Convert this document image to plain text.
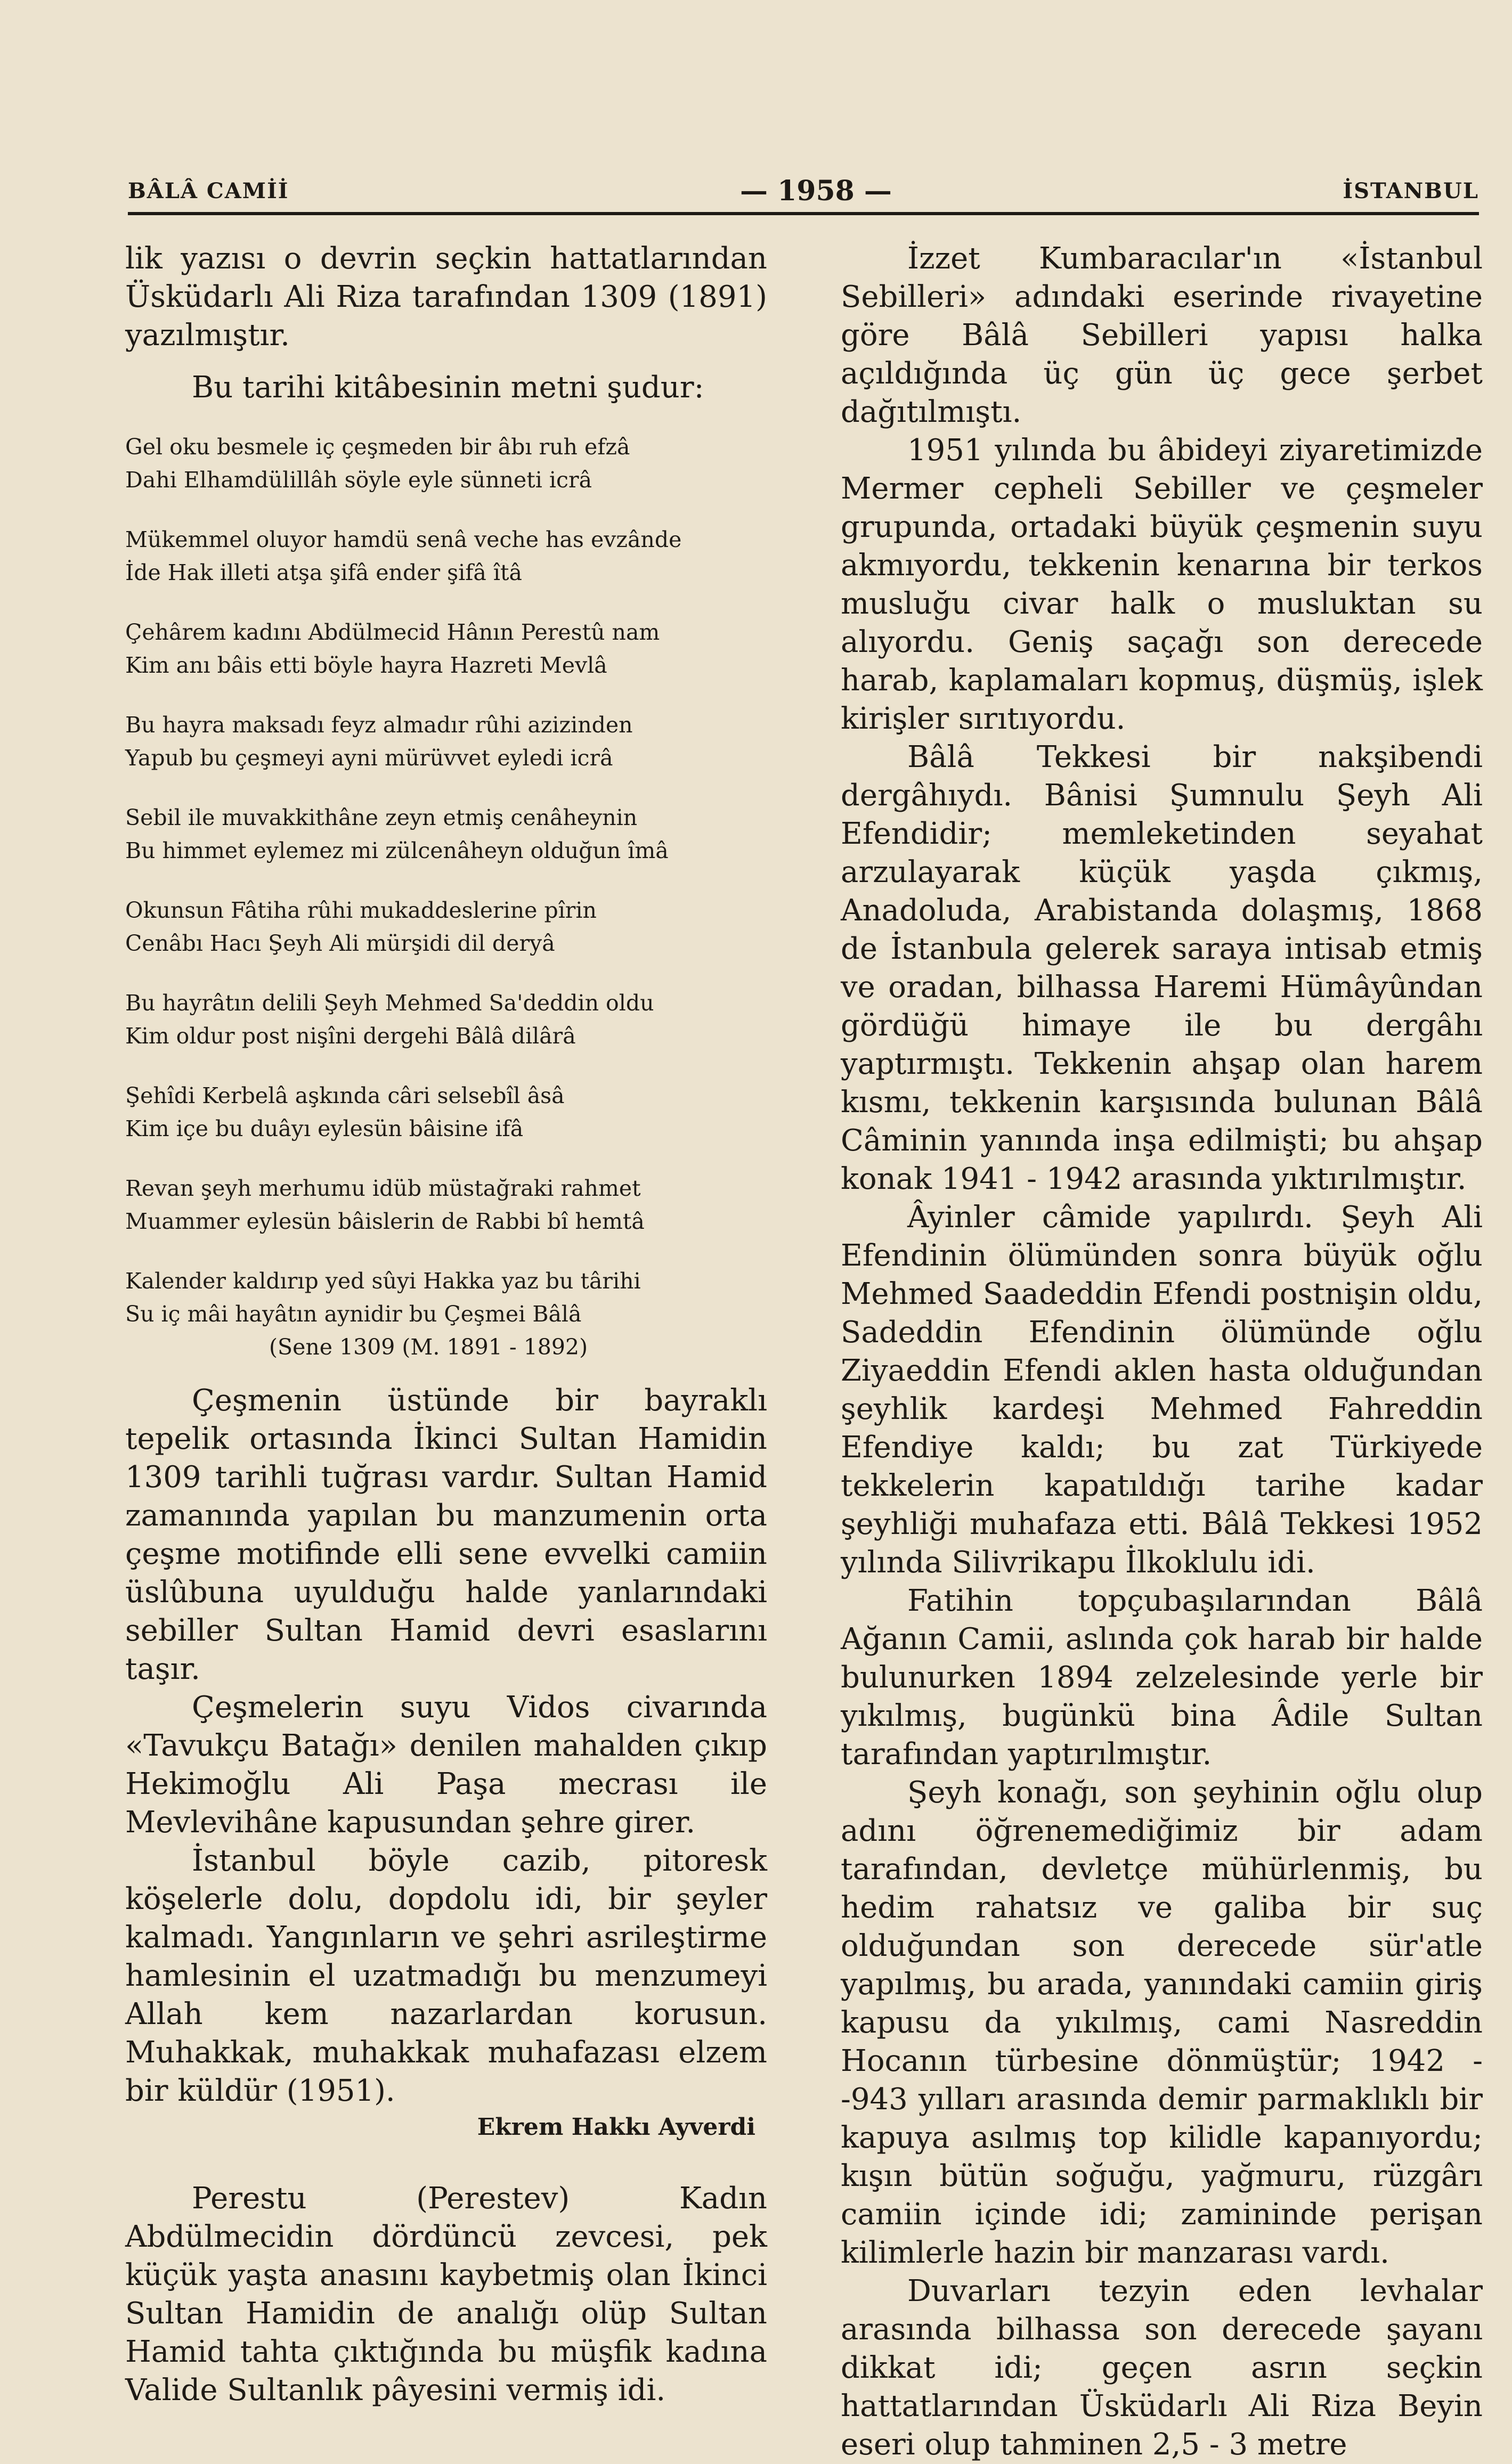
BÂLÂ CAMİİ	— 1958 —	İSTANBUL

lik yazısı o devrin seçkin hattatlarından Üsküdarlı Ali Riza tarafından 1309 (1891) yazılmıştır.

Bu tarihi kitâbesinin metni şudur:

Gel oku besmele iç çeşmeden bir âbı ruh efzâ
Dahi Elhamdülillâh söyle eyle sünneti icrâ
Mükemmel oluyor hamdü senâ veche has evzânde
İde Hak illeti atşa şifâ ender şifâ îtâ
Çehârem kadını Abdülmecid Hânın Perestû nam
Kim anı bâis etti böyle hayra Hazreti Mevlâ
Bu hayra maksadı feyz almadır rûhi azizinden
Yapub bu çeşmeyi ayni mürüvvet eyledi icrâ
Sebil ile muvakkithâne zeyn etmiş cenâheynin
Bu himmet eylemez mi zülcenâheyn olduğun îmâ
Okunsun Fâtiha rûhi mukaddeslerine pîrin
Cenâbı Hacı Şeyh Ali mürşidi dil deryâ
Bu hayrâtın delili Şeyh Mehmed Sa'deddin oldu
Kim oldur post nişîni dergehi Bâlâ dilârâ
Şehîdi Kerbelâ aşkında câri selsebîl âsâ
Kim içe bu duâyı eylesün bâisine ifâ
Revan şeyh merhumu idüb müstağraki rahmet
Muammer eylesün bâislerin de Rabbi bî hemtâ
Kalender kaldırıp yed sûyi Hakka yaz bu târihi
Su iç mâi hayâtın aynidir bu Çeşmei Bâlâ
(Sene 1309 (M. 1891 - 1892)

Çeşmenin üstünde bir bayraklı tepelik ortasında İkinci Sultan Hamidin 1309 tarihli tuğrası vardır. Sultan Hamid zamanında yapılan bu manzumenin orta çeşme motifinde elli sene evvelki camiin üslûbuna uyulduğu halde yanlarındaki sebiller Sultan Hamid devri esaslarını taşır.

Çeşmelerin suyu Vidos civarında «Tavukçu Batağı» denilen mahalden çıkıp Hekimoğlu Ali Paşa mecrası ile Mevlevihâne kapusundan şehre girer.

İstanbul böyle cazib, pitoresk köşelerle dolu, dopdolu idi, bir şeyler kalmadı. Yangınların ve şehri asrileştirme hamlesinin el uzatmadığı bu menzumeyi Allah kem nazarlardan korusun. Muhakkak, muhakkak muhafazası elzem bir küldür (1951).

Ekrem Hakkı Ayverdi

Perestu (Perestev) Kadın Abdülmecidin dördüncü zevcesi, pek küçük yaşta anasını kaybetmiş olan İkinci Sultan Hamidin de analığı olüp Sultan Hamid tahta çıktığında bu müşfik kadına Valide Sultanlık pâyesini vermiş idi.

İzzet Kumbaracılar'ın «İstanbul Sebilleri» adındaki eserinde rivayetine göre Bâlâ Sebilleri yapısı halka açıldığında üç gün üç gece şerbet dağıtılmıştı.

1951 yılında bu âbideyi ziyaretimizde Mermer cepheli Sebiller ve çeşmeler grupunda, ortadaki büyük çeşmenin suyu akmıyordu, tekkenin kenarına bir terkos musluğu civar halk o musluktan su alıyordu. Geniş saçağı son derecede harab, kaplamaları kopmuş, düşmüş, işlek kirişler sırıtıyordu.

Bâlâ Tekkesi bir nakşibendi dergâhıydı. Bânisi Şumnulu Şeyh Ali Efendidir; memleketinden seyahat arzulayarak küçük yaşda çıkmış, Anadoluda, Arabistanda dolaşmış, 1868 de İstanbula gelerek saraya intisab etmiş ve oradan, bilhassa Haremi Hümâyûndan gördüğü himaye ile bu dergâhı yaptırmıştı. Tekkenin ahşap olan harem kısmı, tekkenin karşısında bulunan Bâlâ Câminin yanında inşa edilmişti; bu ahşap konak 1941 - 1942 arasında yıktırılmıştır.

Âyinler câmide yapılırdı. Şeyh Ali Efendinin ölümünden sonra büyük oğlu Mehmed Saadeddin Efendi postnişin oldu, Sadeddin Efendinin ölümünde oğlu Ziyaeddin Efendi aklen hasta olduğundan şeyhlik kardeşi Mehmed Fahreddin Efendiye kaldı; bu zat Türkiyede tekkelerin kapatıldığı tarihe kadar şeyhliği muhafaza etti. Bâlâ Tekkesi 1952 yılında Silivrikapu İlkoklulu idi.

Fatihin topçubaşılarından Bâlâ Ağanın Camii, aslında çok harab bir halde bulunurken 1894 zelzelesinde yerle bir yıkılmış, bugünkü bina Âdile Sultan tarafından yaptırılmıştır.

Şeyh konağı, son şeyhinin oğlu olup adını öğrenemediğimiz bir adam tarafından, devletçe mühürlenmiş, bu hedim rahatsız ve galiba bir suç olduğundan son derecede sür'atle yapılmış, bu arada, yanındaki camiin giriş kapusu da yıkılmış, cami Nasreddin Hocanın türbesine dönmüştür; 1942 - -943 yılları arasında demir parmaklıklı bir kapuya asılmış top kilidle kapanıyordu; kışın bütün soğuğu, yağmuru, rüzgârı camiin içinde idi; zamininde perişan kilimlerle hazin bir manzarası vardı.

Duvarları tezyin eden levhalar arasında bilhassa son derecede şayanı dikkat idi; geçen asrın seçkin hattatlarından Üsküdarlı Ali Riza Beyin eseri olup tahminen 2,5 - 3 metre
